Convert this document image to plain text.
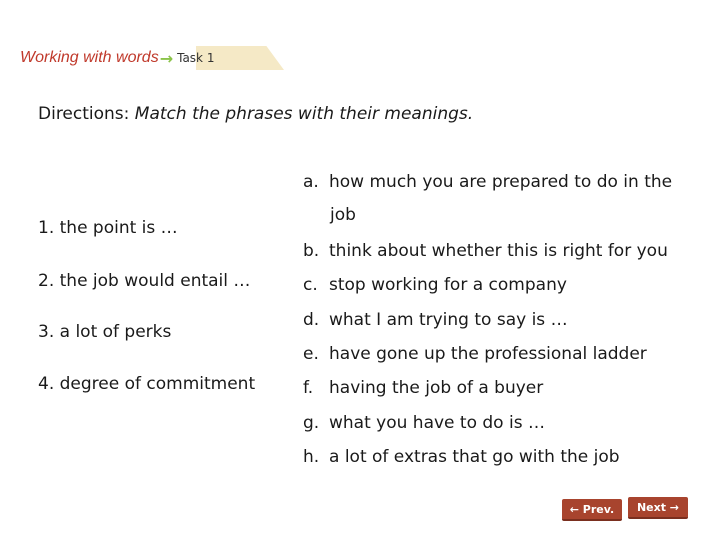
Working with words → Task 1
Directions: Match the phrases with their meanings.
1. the point is …
2. the job would entail …
3. a lot of perks
4. degree of commitment
a. how much you are prepared to do in the
job
b. think about whether this is right for you
c. stop working for a company
d. what I am trying to say is …
e. have gone up the professional ladder
f. having the job of a buyer
g. what you have to do is …
h. a lot of extras that go with the job
← Prev.	Next →
